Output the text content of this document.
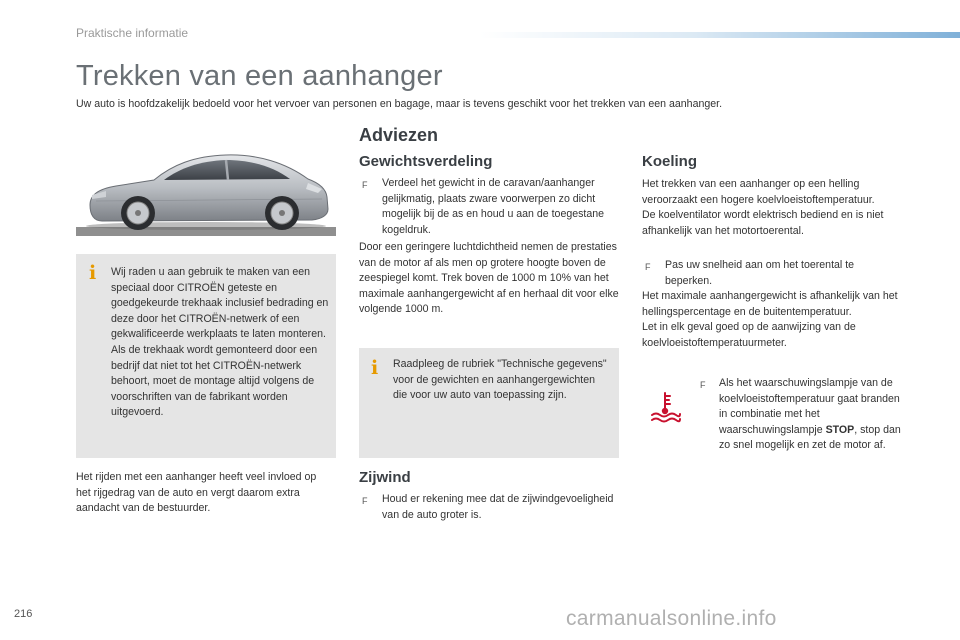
Praktische informatie
Trekken van een aanhanger
Uw auto is hoofdzakelijk bedoeld voor het vervoer van personen en bagage, maar is tevens geschikt voor het trekken van een aanhanger.
i Wij raden u aan gebruik te maken van een speciaal door CITROËN geteste en goedgekeurde trekhaak inclusief bedrading en deze door het CITROËN-netwerk of een gekwalificeerde werkplaats te laten monteren.
Als de trekhaak wordt gemonteerd door een bedrijf dat niet tot het CITROËN-netwerk behoort, moet de montage altijd volgens de voorschriften van de fabrikant worden uitgevoerd.
Het rijden met een aanhanger heeft veel invloed op het rijgedrag van de auto en vergt daarom extra aandacht van de bestuurder.
Adviezen
Gewichtsverdeling
F Verdeel het gewicht in de caravan/aanhanger gelijkmatig, plaats zware voorwerpen zo dicht mogelijk bij de as en houd u aan de toegestane kogeldruk.
Door een geringere luchtdichtheid nemen de prestaties van de motor af als men op grotere hoogte boven de zeespiegel komt. Trek boven de 1000 m 10% van het maximale aanhangergewicht af en herhaal dit voor elke volgende 1000 m.
i Raadpleeg de rubriek "Technische gegevens" voor de gewichten en aanhangergewichten die voor uw auto van toepassing zijn.
Zijwind
F Houd er rekening mee dat de zijwindgevoeligheid van de auto groter is.
Koeling
Het trekken van een aanhanger op een helling veroorzaakt een hogere koelvloeistoftemperatuur.
De koelventilator wordt elektrisch bediend en is niet afhankelijk van het motortoerental.
F Pas uw snelheid aan om het toerental te beperken.
Het maximale aanhangergewicht is afhankelijk van het hellingspercentage en de buitentemperatuur.
Let in elk geval goed op de aanwijzing van de koelvloeistoftemperatuurmeter.
F Als het waarschuwingslampje van de koelvloeistoftemperatuur gaat branden in combinatie met het waarschuwingslampje STOP, stop dan zo snel mogelijk en zet de motor af.
216	carmanualsonline.info
